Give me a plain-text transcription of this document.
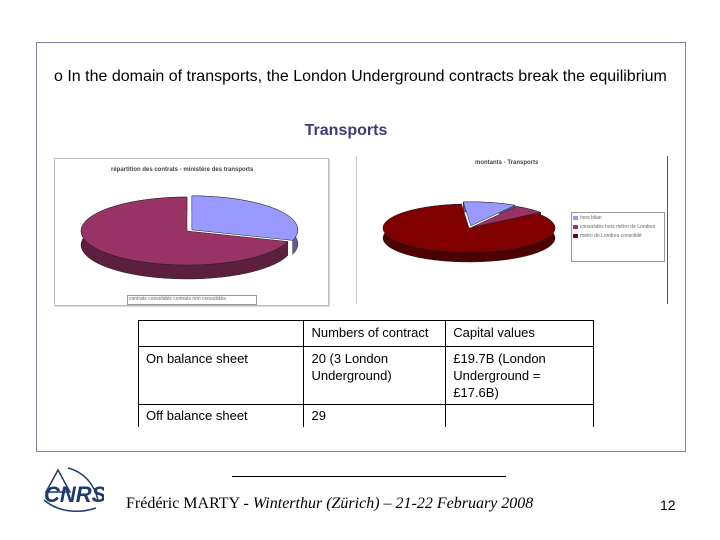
o In the domain of transports, the London Underground contracts break the equilibrium
Transports
répartition des contrats - ministère des transports
contrats consolidés contrats non consolidés
montants - Transports
hors bilan
consolidés hors métro de Londres
métro de Londres consolidé
	Numbers of contract	Capital values
On balance sheet	20 (3 London Underground)	£19.7B (London Underground = £17.6B)
Off balance sheet	29	
CNRS Frédéric MARTY - Winterthur (Zürich) – 21-22 February 2008	12
